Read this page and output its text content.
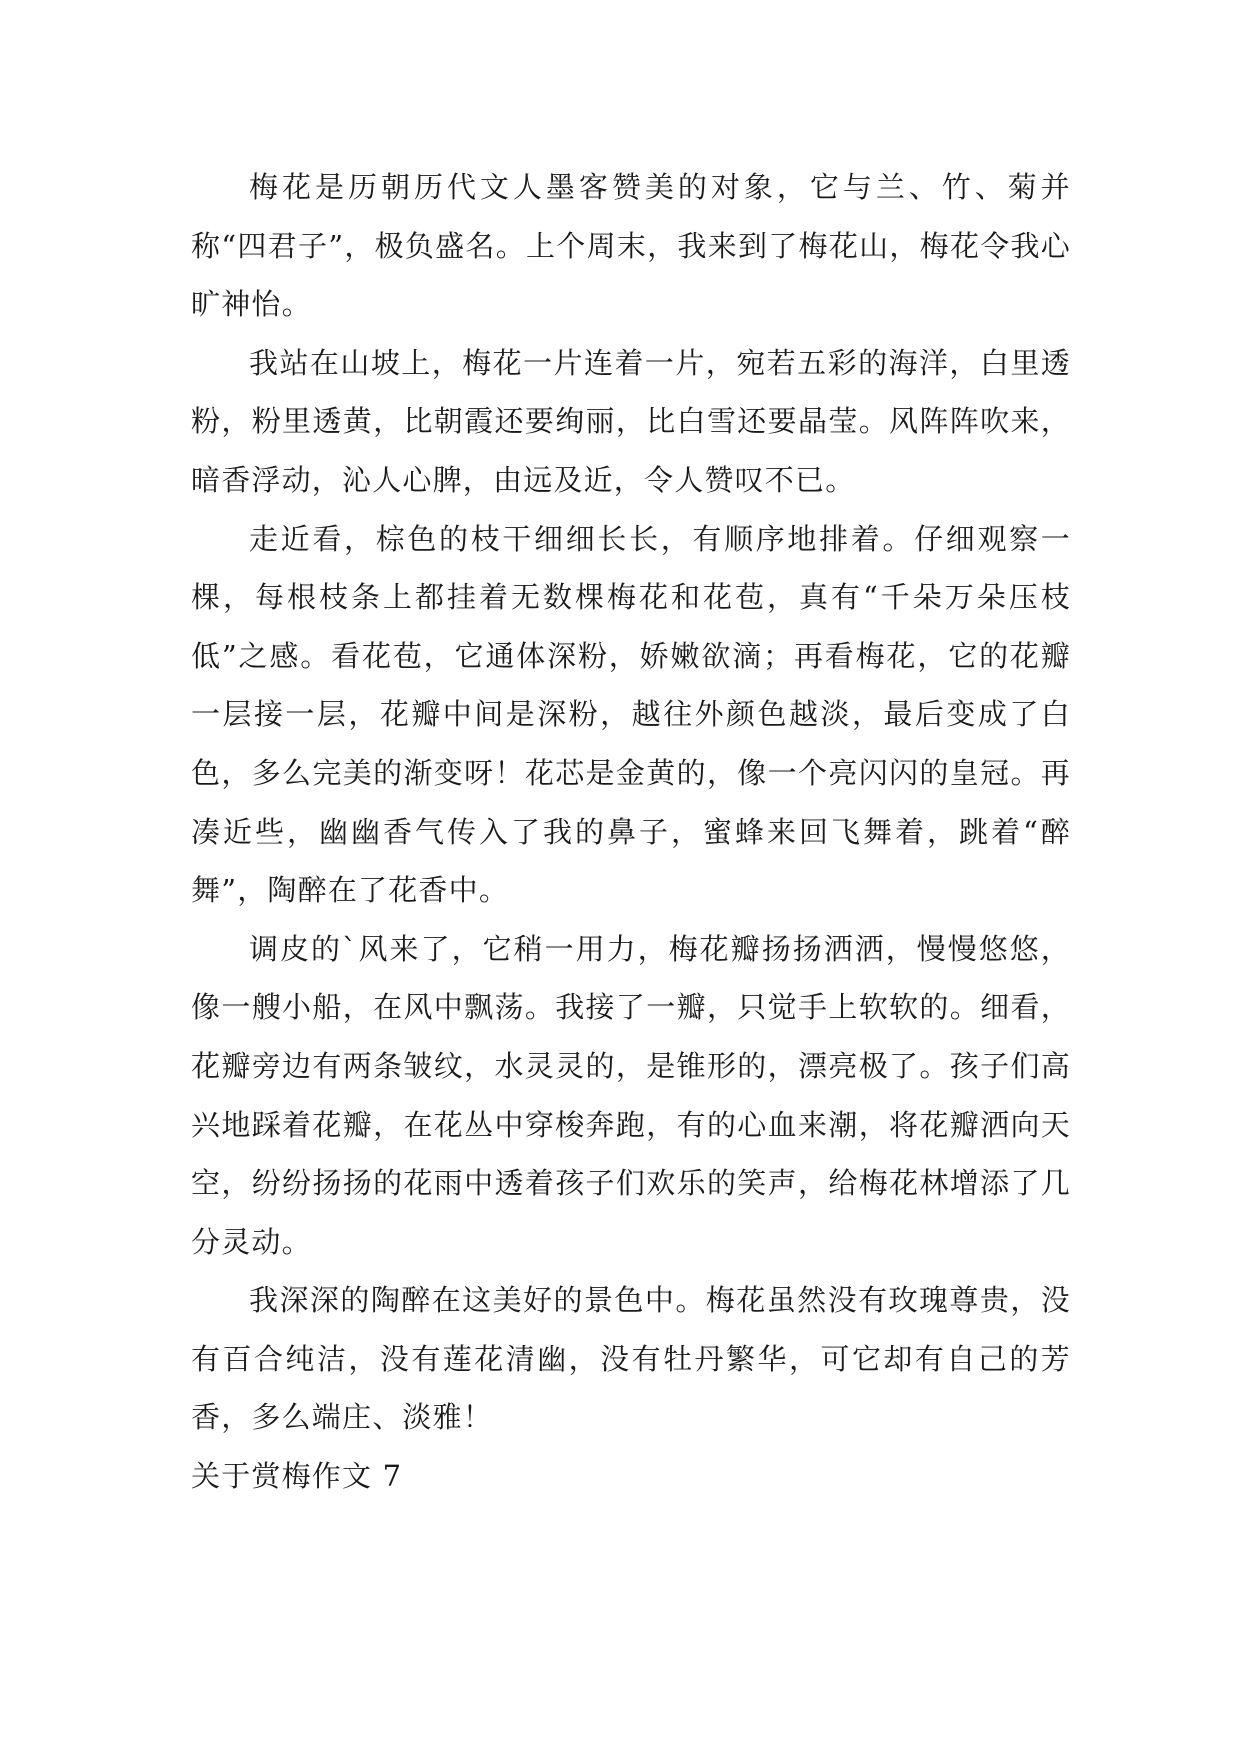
梅花是历朝历代文人墨客赞美的对象，它与兰、竹、菊并称“四君子”，极负盛名。上个周末，我来到了梅花山，梅花令我心旷神怡。

我站在山坡上，梅花一片连着一片，宛若五彩的海洋，白里透粉，粉里透黄，比朝霞还要绚丽，比白雪还要晶莹。风阵阵吹来，暗香浮动，沁人心脾，由远及近，令人赞叹不已。

走近看，棕色的枝干细细长长，有顺序地排着。仔细观察一棵，每根枝条上都挂着无数棵梅花和花苞，真有“千朵万朵压枝低”之感。看花苞，它通体深粉，娇嫩欲滴；再看梅花，它的花瓣一层接一层，花瓣中间是深粉，越往外颜色越淡，最后变成了白色，多么完美的渐变呀！花芯是金黄的，像一个亮闪闪的皇冠。再凑近些，幽幽香气传入了我的鼻子，蜜蜂来回飞舞着，跳着“醉舞”，陶醉在了花香中。

调皮的`风来了，它稍一用力，梅花瓣扬扬洒洒，慢慢悠悠，像一艘小船，在风中飘荡。我接了一瓣，只觉手上软软的。细看，花瓣旁边有两条皱纹，水灵灵的，是锥形的，漂亮极了。孩子们高兴地踩着花瓣，在花丛中穿梭奔跑，有的心血来潮，将花瓣洒向天空，纷纷扬扬的花雨中透着孩子们欢乐的笑声，给梅花林增添了几分灵动。

我深深的陶醉在这美好的景色中。梅花虽然没有玫瑰尊贵，没有百合纯洁，没有莲花清幽，没有牡丹繁华，可它却有自己的芳香，多么端庄、淡雅！

关于赏梅作文 7
